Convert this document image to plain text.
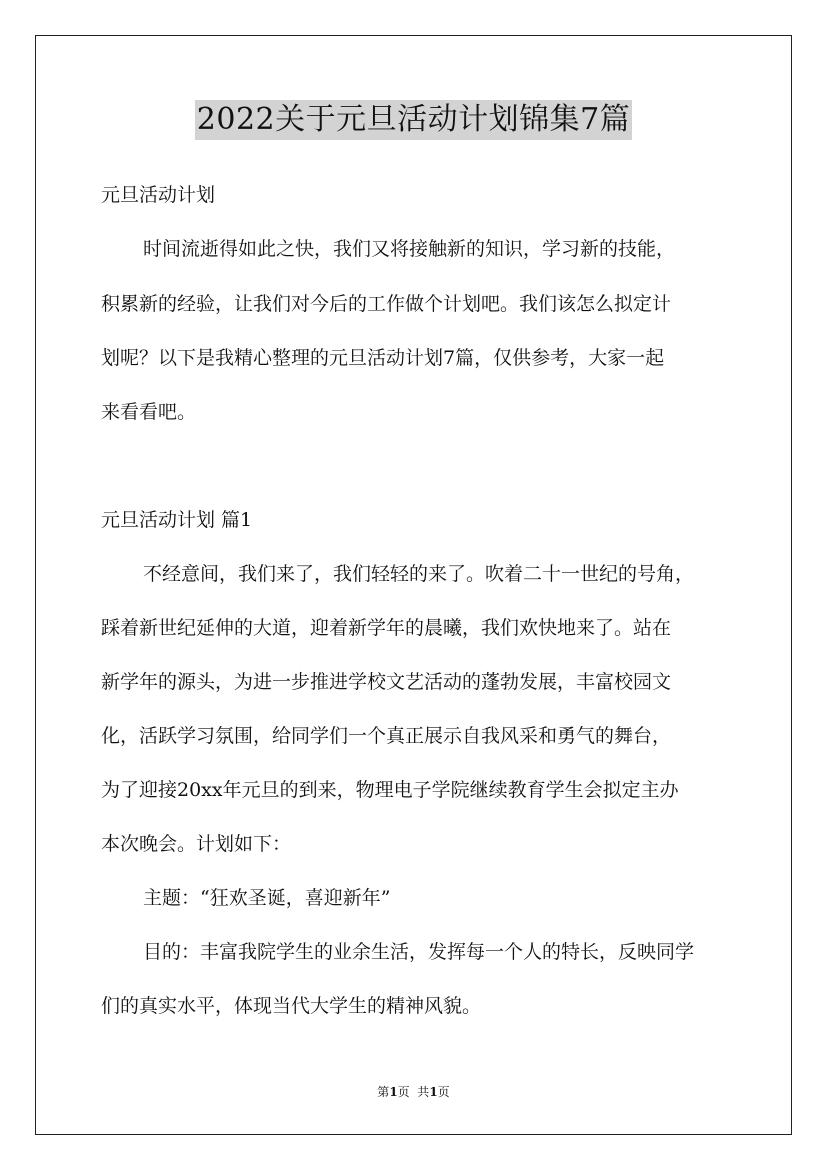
2022关于元旦活动计划锦集7篇
元旦活动计划
时间流逝得如此之快，我们又将接触新的知识，学习新的技能，
积累新的经验，让我们对今后的工作做个计划吧。我们该怎么拟定计
划呢？以下是我精心整理的元旦活动计划7篇，仅供参考，大家一起
来看看吧。
元旦活动计划 篇1
不经意间，我们来了，我们轻轻的来了。吹着二十一世纪的号角，
踩着新世纪延伸的大道，迎着新学年的晨曦，我们欢快地来了。站在
新学年的源头，为进一步推进学校文艺活动的蓬勃发展，丰富校园文
化，活跃学习氛围，给同学们一个真正展示自我风采和勇气的舞台，
为了迎接20xx年元旦的到来，物理电子学院继续教育学生会拟定主办
本次晚会。计划如下：
主题：“狂欢圣诞，喜迎新年”
目的：丰富我院学生的业余生活，发挥每一个人的特长，反映同学
们的真实水平，体现当代大学生的精神风貌。
第1页  共1页
